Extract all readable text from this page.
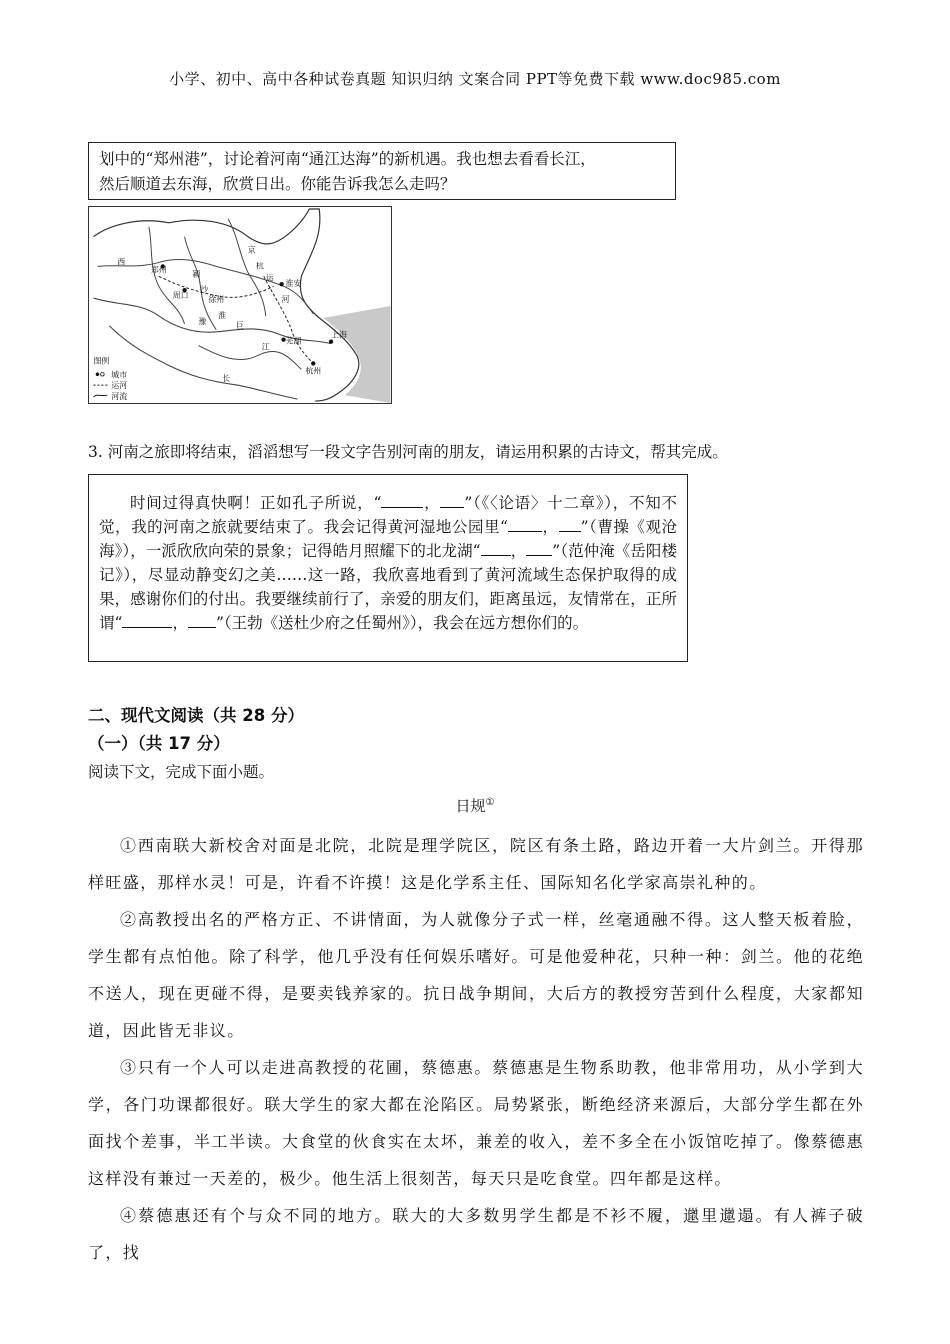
小学、初中、高中各种试卷真题 知识归纳 文案合同 PPT等免费下载 www.doc985.com
划中的“郑州港”，讨论着河南“通江达海”的新机遇。我也想去看看长江，
然后顺道去东海，欣赏日出。你能告诉我怎么走吗？
郑州
周口
淮安
上海
杭州
芜湖
徐州
颍
淮
运
河
京
杭
巨
长
江
沙
豫
西
图例
城市
运河
河流
3. 河南之旅即将结束，滔滔想写一段文字告别河南的朋友，请运用积累的古诗文，帮其完成。

时间过得真快啊！正如孔子所说，“	， ”（《〈论语〉十二章》），不知不觉，我的河南之旅就要结束了。我会记得黄河湿地公园里“ ， ”（曹操《观沧海》），一派欣欣向荣的景象；记得皓月照耀下的北龙湖“ ， ”（范仲淹《岳阳楼记》），尽显动静变幻之美……这一路，我欣喜地看到了黄河流域生态保护取得的成果，感谢你们的付出。我要继续前行了，亲爱的朋友们，距离虽远，友情常在，正所谓“	， ”（王勃《送杜少府之任蜀州》），我会在远方想你们的。

二、现代文阅读（共 28 分）
（一）（共 17 分）
阅读下文，完成下面小题。
日规①

①西南联大新校舍对面是北院，北院是理学院区，院区有条土路，路边开着一大片剑兰。开得那样旺盛，那样水灵！可是，许看不许摸！这是化学系主任、国际知名化学家高崇礼种的。

②高教授出名的严格方正、不讲情面，为人就像分子式一样，丝毫通融不得。这人整天板着脸，学生都有点怕他。除了科学，他几乎没有任何娱乐嗜好。可是他爱种花，只种一种：剑兰。他的花绝不送人，现在更碰不得，是要卖钱养家的。抗日战争期间，大后方的教授穷苦到什么程度，大家都知道，因此皆无非议。

③只有一个人可以走进高教授的花圃，蔡德惠。蔡德惠是生物系助教，他非常用功，从小学到大学，各门功课都很好。联大学生的家大都在沦陷区。局势紧张，断绝经济来源后，大部分学生都在外面找个差事，半工半读。大食堂的伙食实在太坏，兼差的收入，差不多全在小饭馆吃掉了。像蔡德惠这样没有兼过一天差的，极少。他生活上很刻苦，每天只是吃食堂。四年都是这样。

④蔡德惠还有个与众不同的地方。联大的大多数男学生都是不衫不履，邋里邋遢。有人裤子破了，找
